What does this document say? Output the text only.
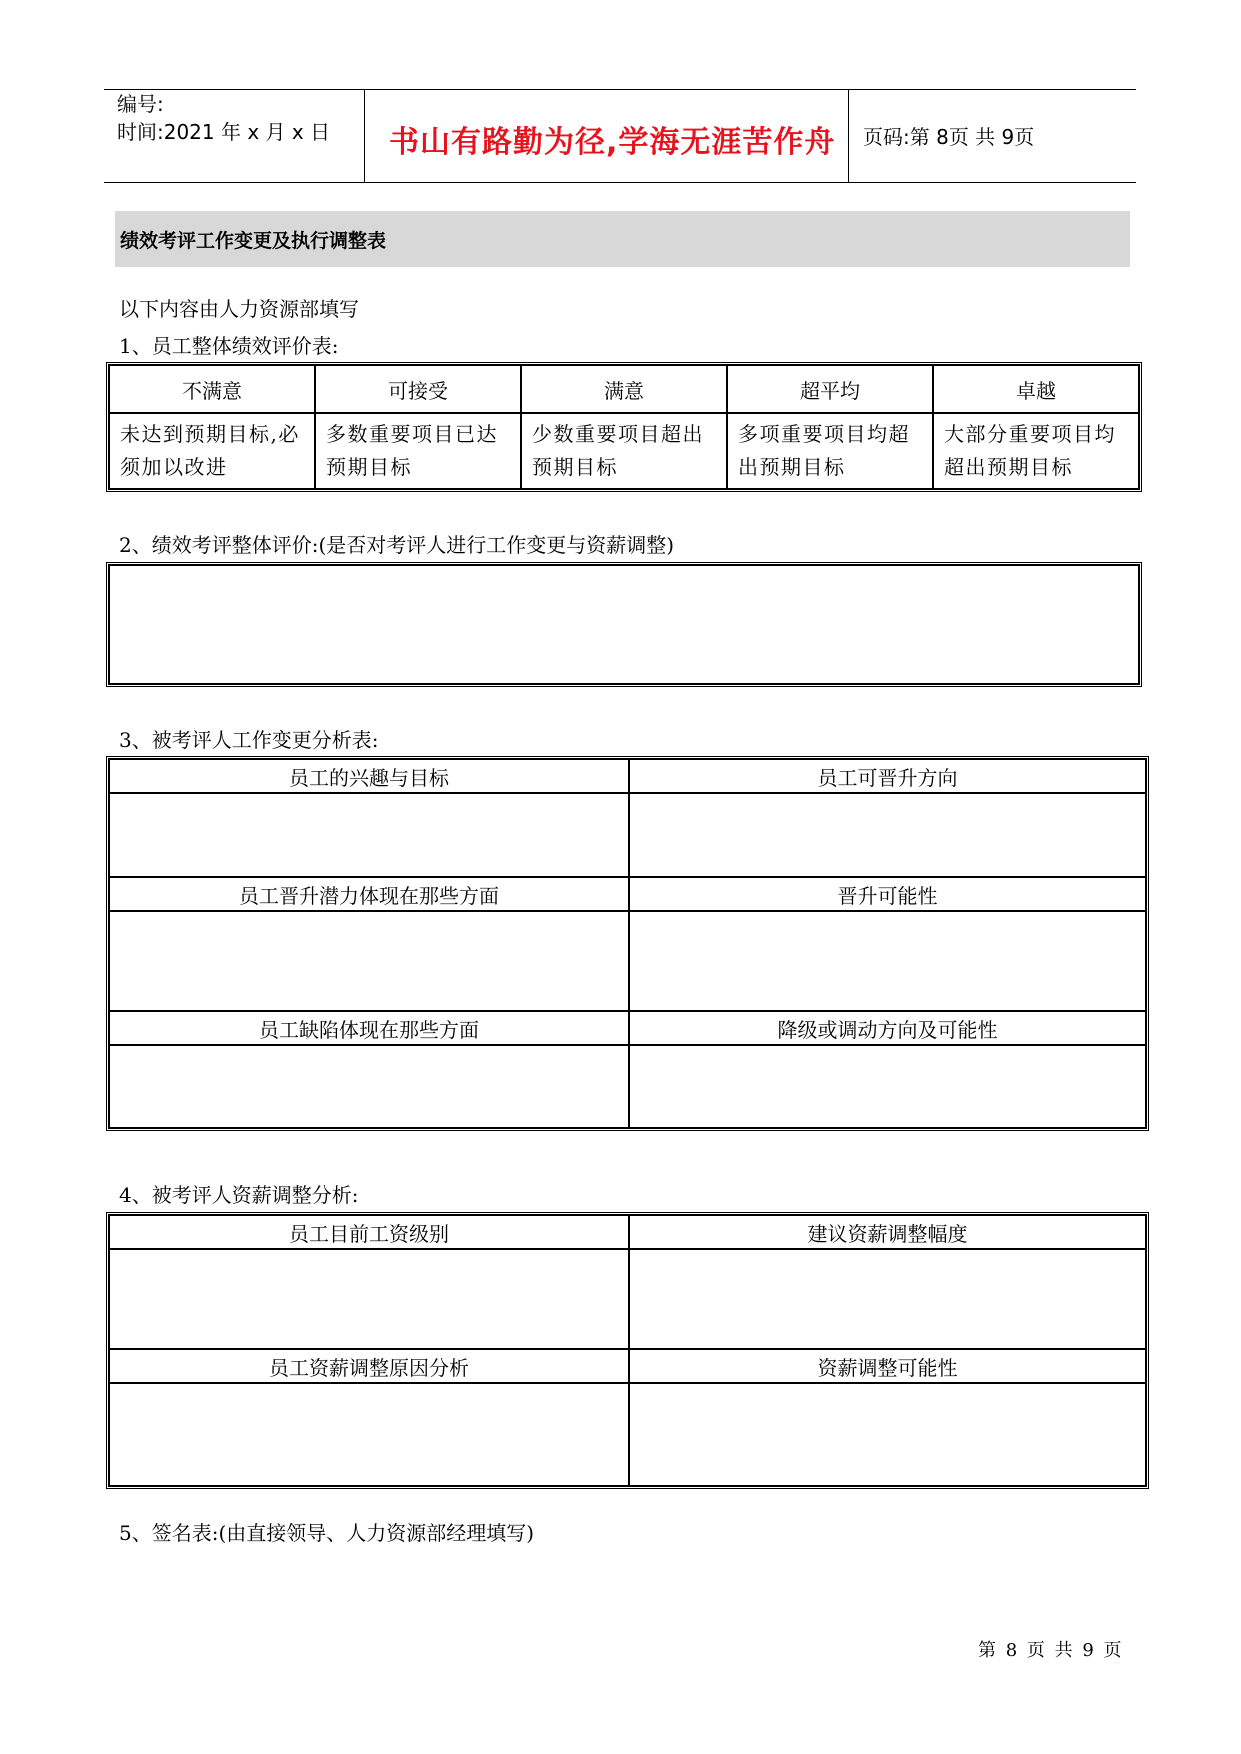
编号:
时间:2021 年 x 月 x 日 书山有路勤为径,学海无涯苦作舟 页码:第 8页 共 9页
绩效考评工作变更及执行调整表
以下内容由人力资源部填写
1、员工整体绩效评价表:
不满意	可接受	满意	超平均	卓越
未达到预期目标,必须加以改进	多数重要项目已达预期目标	少数重要项目超出预期目标	多项重要项目均超出预期目标	大部分重要项目均超出预期目标
2、绩效考评整体评价:(是否对考评人进行工作变更与资薪调整)
3、被考评人工作变更分析表:
员工的兴趣与目标	员工可晋升方向

员工晋升潜力体现在那些方面	晋升可能性

员工缺陷体现在那些方面	降级或调动方向及可能性

4、被考评人资薪调整分析:
员工目前工资级别	建议资薪调整幅度

员工资薪调整原因分析	资薪调整可能性

5、签名表:(由直接领导、人力资源部经理填写)
第 8 页 共 9 页
